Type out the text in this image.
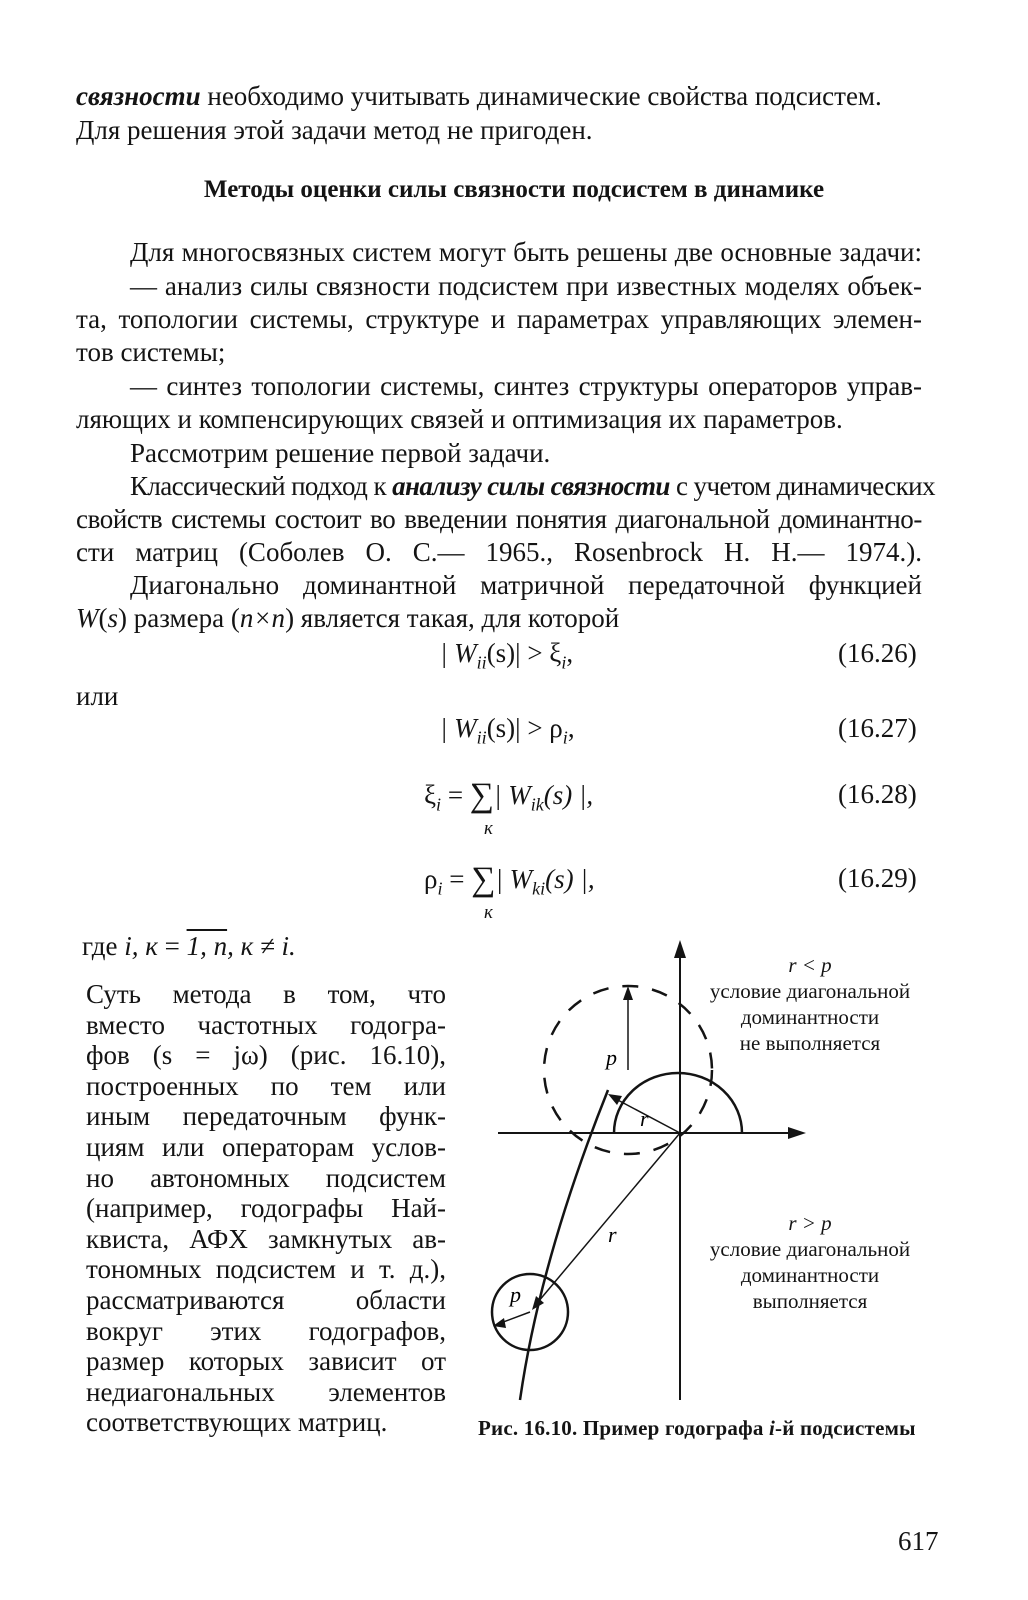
связности необходимо учитывать динамические свойства подсистем.
Для решения этой задачи метод не пригоден.
Методы оценки силы связности подсистем в динамике
Для многосвязных систем могут быть решены две основные задачи:
— анализ силы связности подсистем при известных моделях объек-
та, топологии системы, структуре и параметрах управляющих элемен-
тов системы;
— синтез топологии системы, синтез структуры операторов управ-
ляющих и компенсирующих связей и оптимизация их параметров.
Рассмотрим решение первой задачи.
Классический подход к анализу силы связности с учетом динамических
свойств системы состоит во введении понятия диагональной доминантно-
сти матриц (Соболев О. С.— 1965., Rosenbrock H. H.— 1974.).
Диагонально доминантной матричной передаточной функцией
W(s) размера (n×n) является такая, для которой
| $W_{ii}(s)| > \xi_i$,	(16.26)
или
| $W_{ii}(s)| > \rho_i$,	(16.27)
$\xi_i$ = ∑| $W_{ik}(s)$ |,
к
(16.28)
$\rho_i$ = ∑| $W_{ki}(s)$ |,
к
(16.29)
где i, к = 1, n, к ≠ i.
Суть метода в том, что
вместо частотных годогра-
фов (s = jω) (рис. 16.10),
построенных по тем или
иным передаточным функ-
циям или операторам услов-
но автономных подсистем
(например, годографы Най-
квиста, АФХ замкнутых ав-
тономных подсистем и т. д.),
рассматриваются области
вокруг этих годографов,
размер которых зависит от
недиагональных элементов
соответствующих матриц.
p
r
r
p
r < p
условие диагональной
доминантности
не выполняется
r > p
условие диагональной
доминантности
выполняется
Рис. 16.10. Пример годографа i-й подсистемы
617
